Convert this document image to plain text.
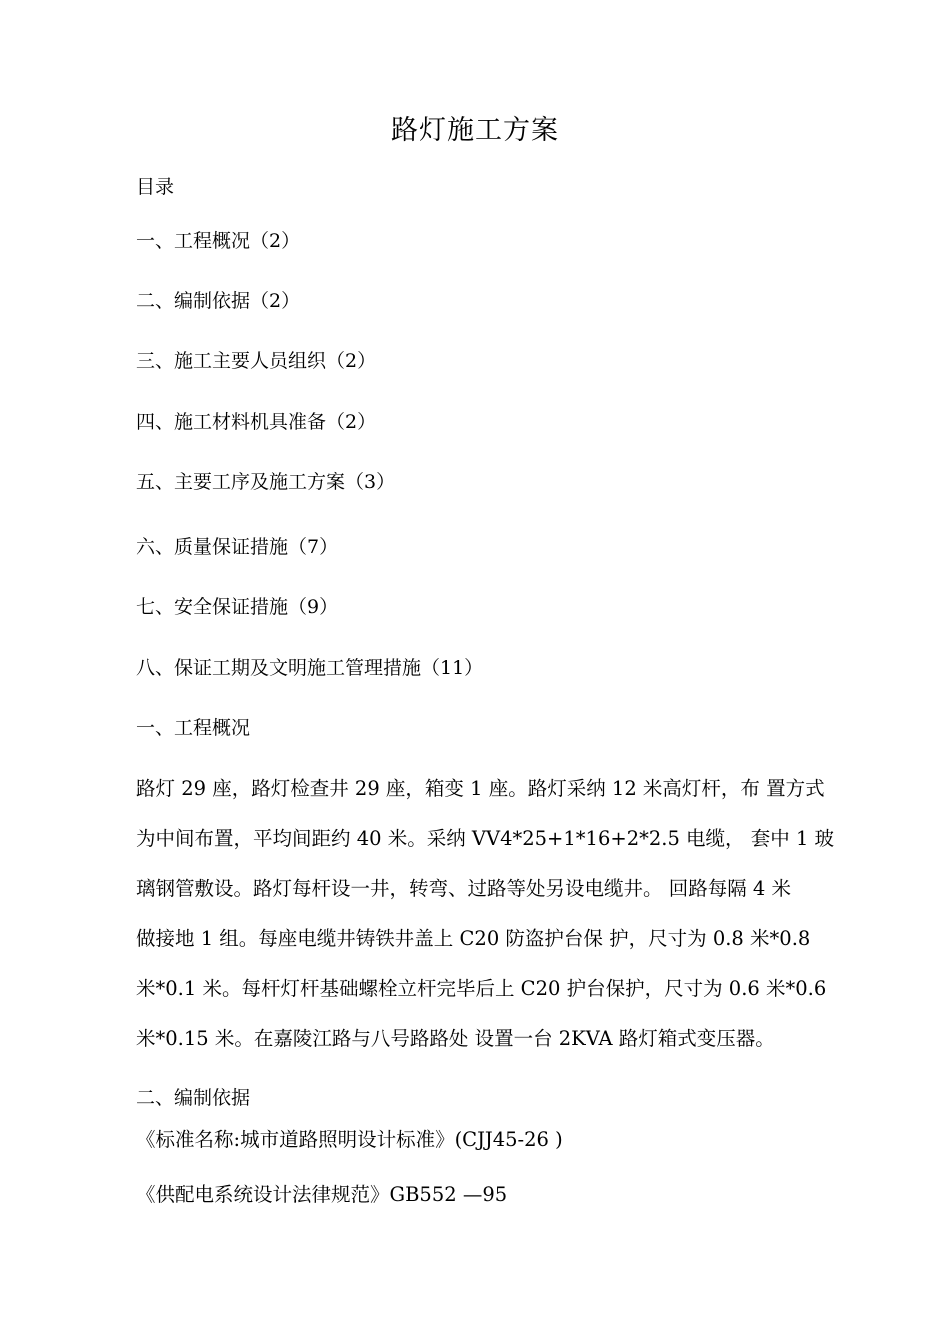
路灯施工方案
目录
一、工程概况（2）
二、编制依据（2）
三、施工主要人员组织（2）
四、施工材料机具准备（2）
五、主要工序及施工方案（3）
六、质量保证措施（7）
七、安全保证措施（9）
八、保证工期及文明施工管理措施（11）
一、工程概况
路灯 29 座，路灯检查井 29 座，箱变 1 座。路灯采纳 12 米高灯杆，布 置方式
为中间布置，平均间距约 40 米。采纳 VV4*25+1*16+2*2.5 电缆， 套中 1 玻
璃钢管敷设。路灯每杆设一井，转弯、过路等处另设电缆井。 回路每隔 4 米
做接地 1 组。每座电缆井铸铁井盖上 C20 防盗护台保 护，尺寸为 0.8 米*0.8
米*0.1 米。每杆灯杆基础螺栓立杆完毕后上 C20 护台保护，尺寸为 0.6 米*0.6
米*0.15 米。在嘉陵江路与八号路路处 设置一台 2KVA 路灯箱式变压器。
二、编制依据
《标准名称:城市道路照明设计标准》(CJJ45-26 )
《供配电系统设计法律规范》GB552 —95
